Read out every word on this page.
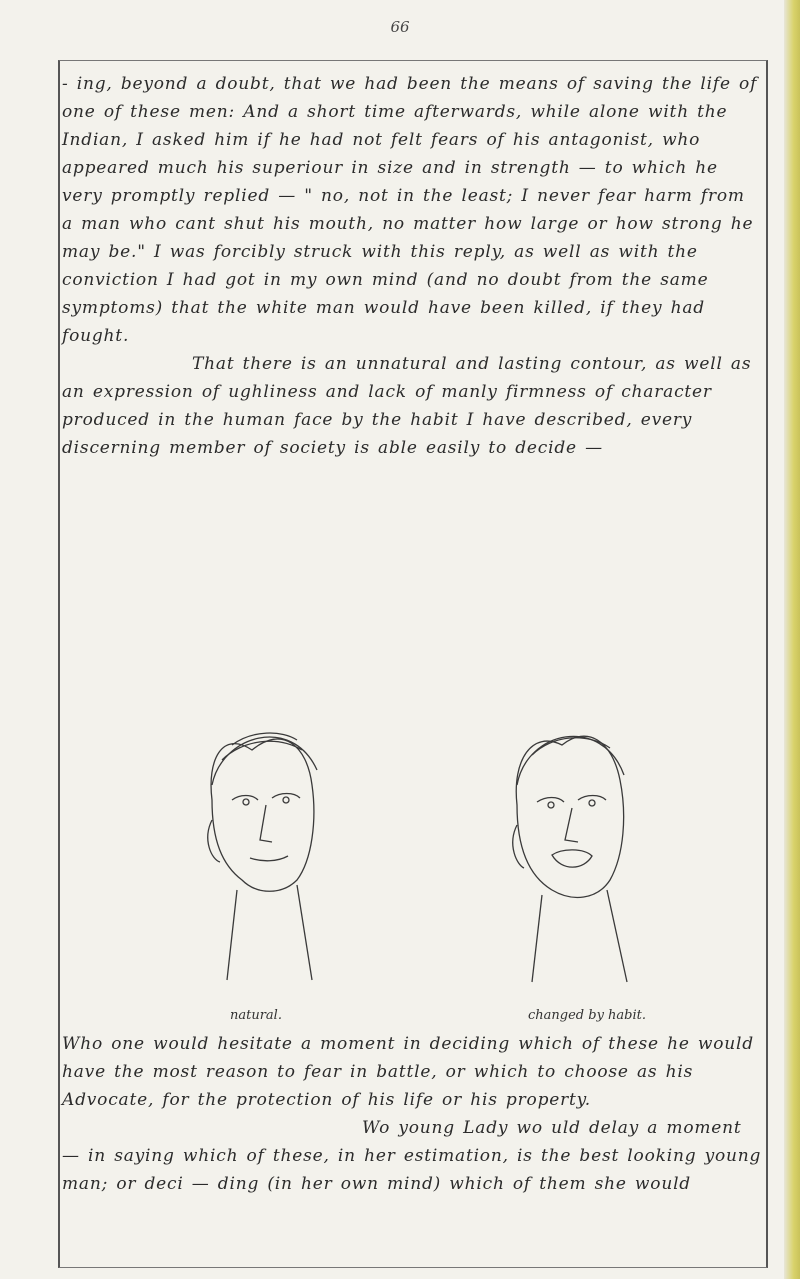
66

- ing, beyond a doubt, that we had been the means of saving the life of one of these men: And a short time afterwards, while alone with the Indian, I asked him if he had not felt fears of his antagonist, who appeared much his superiour in size and in strength — to which he very promptly replied — " no, not in the least; I never fear harm from a man who cant shut his mouth, no matter how large or how strong he may be." I was forcibly struck with this reply, as well as with the conviction I had got in my own mind (and no doubt from the same symptoms) that the white man would have been killed, if they had fought.

That there is an unnatural and lasting contour, as well as an expression of ughliness and lack of manly firmness of character produced in the human face by the habit I have described, every discerning member of society is able easily to decide —

natural.	changed by habit.

Who one would hesitate a moment in deciding which of these he would have the most reason to fear in battle, or which to choose as his Advocate, for the protection of his life or his property.

Wo young Lady wo uld delay a moment — in saying which of these, in her estimation, is the best looking young man; or deci — ding (in her own mind) which of them she would
